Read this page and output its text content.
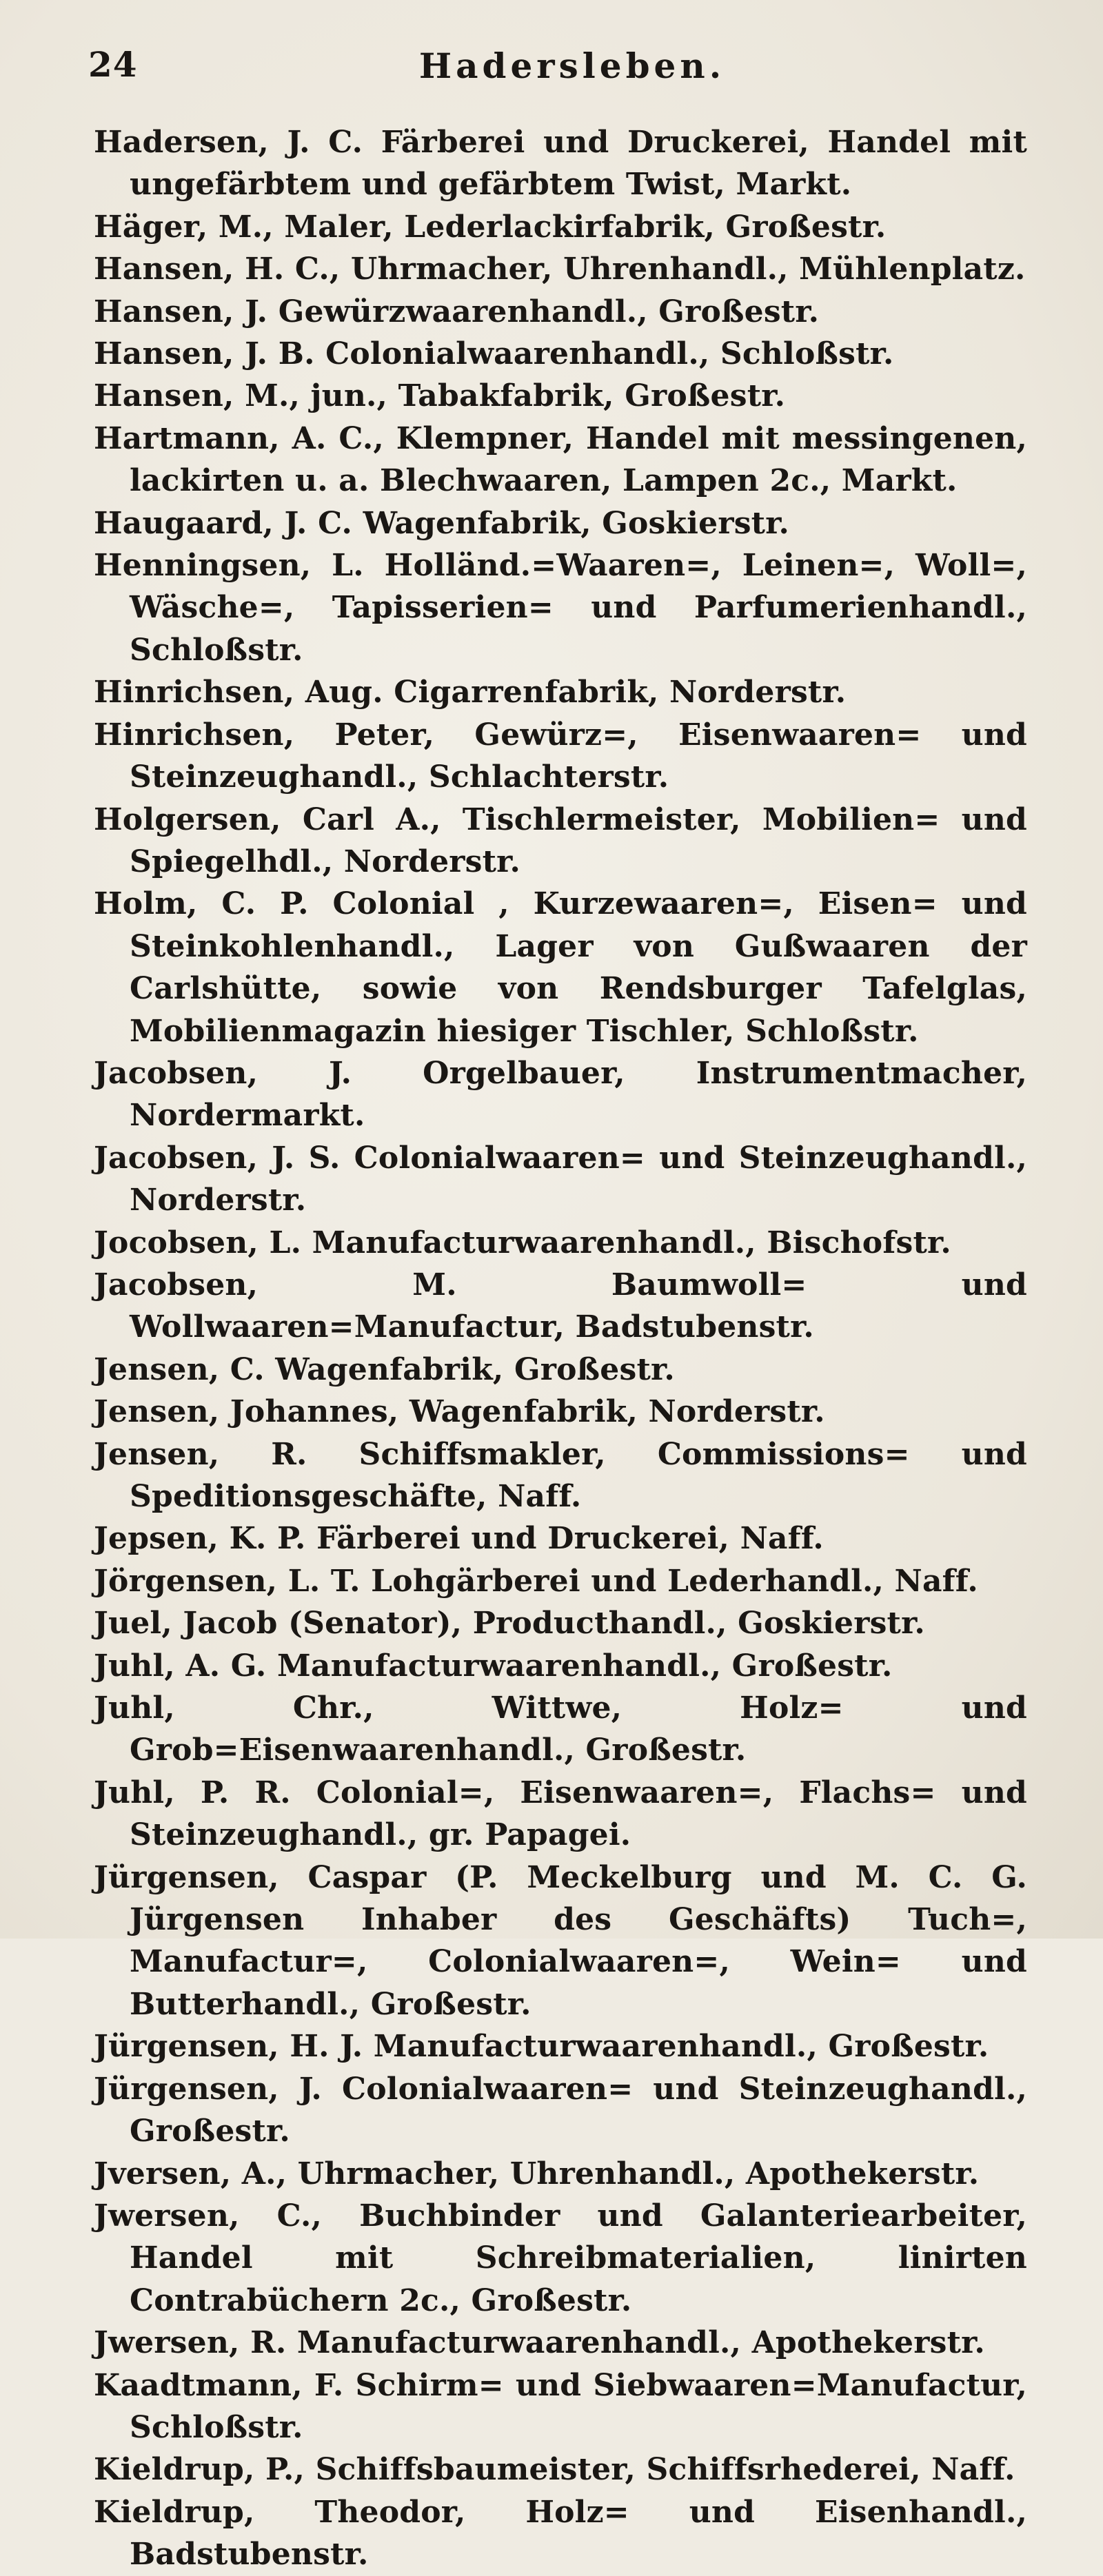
24	Hadersleben.
Hadersen, J. C. Färberei und Druckerei, Handel mit ungefärbtem und gefärbtem Twist, Markt.
Häger, M., Maler, Lederlackirfabrik, Großestr.
Hansen, H. C., Uhrmacher, Uhrenhandl., Mühlenplatz.
Hansen, J. Gewürzwaarenhandl., Großestr.
Hansen, J. B. Colonialwaarenhandl., Schloßstr.
Hansen, M., jun., Tabakfabrik, Großestr.
Hartmann, A. C., Klempner, Handel mit messingenen, lackirten u. a. Blechwaaren, Lampen 2c., Markt.
Haugaard, J. C. Wagenfabrik, Goskierstr.
Henningsen, L. Holländ.=Waaren=, Leinen=, Woll=, Wäsche=, Tapisserien= und Parfumerienhandl., Schloßstr.
Hinrichsen, Aug. Cigarrenfabrik, Norderstr.
Hinrichsen, Peter, Gewürz=, Eisenwaaren= und Steinzeughandl., Schlachterstr.
Holgersen, Carl A., Tischlermeister, Mobilien= und Spiegelhdl., Norderstr.
Holm, C. P. Colonial , Kurzewaaren=, Eisen= und Steinkohlenhandl., Lager von Gußwaaren der Carlshütte, sowie von Rendsburger Tafelglas, Mobilienmagazin hiesiger Tischler, Schloßstr.
Jacobsen, J. Orgelbauer, Instrumentmacher, Nordermarkt.
Jacobsen, J. S. Colonialwaaren= und Steinzeughandl., Norderstr.
Jocobsen, L. Manufacturwaarenhandl., Bischofstr.
Jacobsen, M. Baumwoll= und Wollwaaren=Manufactur, Badstubenstr.
Jensen, C. Wagenfabrik, Großestr.
Jensen, Johannes, Wagenfabrik, Norderstr.
Jensen, R. Schiffsmakler, Commissions= und Speditionsgeschäfte, Naff.
Jepsen, K. P. Färberei und Druckerei, Naff.
Jörgensen, L. T. Lohgärberei und Lederhandl., Naff.
Juel, Jacob (Senator), Producthandl., Goskierstr.
Juhl, A. G. Manufacturwaarenhandl., Großestr.
Juhl, Chr., Wittwe, Holz= und Grob=Eisenwaarenhandl., Großestr.
Juhl, P. R. Colonial=, Eisenwaaren=, Flachs= und Steinzeughandl., gr. Papagei.
Jürgensen, Caspar (P. Meckelburg und M. C. G. Jürgensen Inhaber des Geschäfts) Tuch=, Manufactur=, Colonialwaaren=, Wein= und Butterhandl., Großestr.
Jürgensen, H. J. Manufacturwaarenhandl., Großestr.
Jürgensen, J. Colonialwaaren= und Steinzeughandl., Großestr.
Jversen, A., Uhrmacher, Uhrenhandl., Apothekerstr.
Jwersen, C., Buchbinder und Galanteriearbeiter, Handel mit Schreibmaterialien, linirten Contrabüchern 2c., Großestr.
Jwersen, R. Manufacturwaarenhandl., Apothekerstr.
Kaadtmann, F. Schirm= und Siebwaaren=Manufactur, Schloßstr.
Kieldrup, P., Schiffsbaumeister, Schiffsrhederei, Naff.
Kieldrup, Theodor, Holz= und Eisenhandl., Badstubenstr.
